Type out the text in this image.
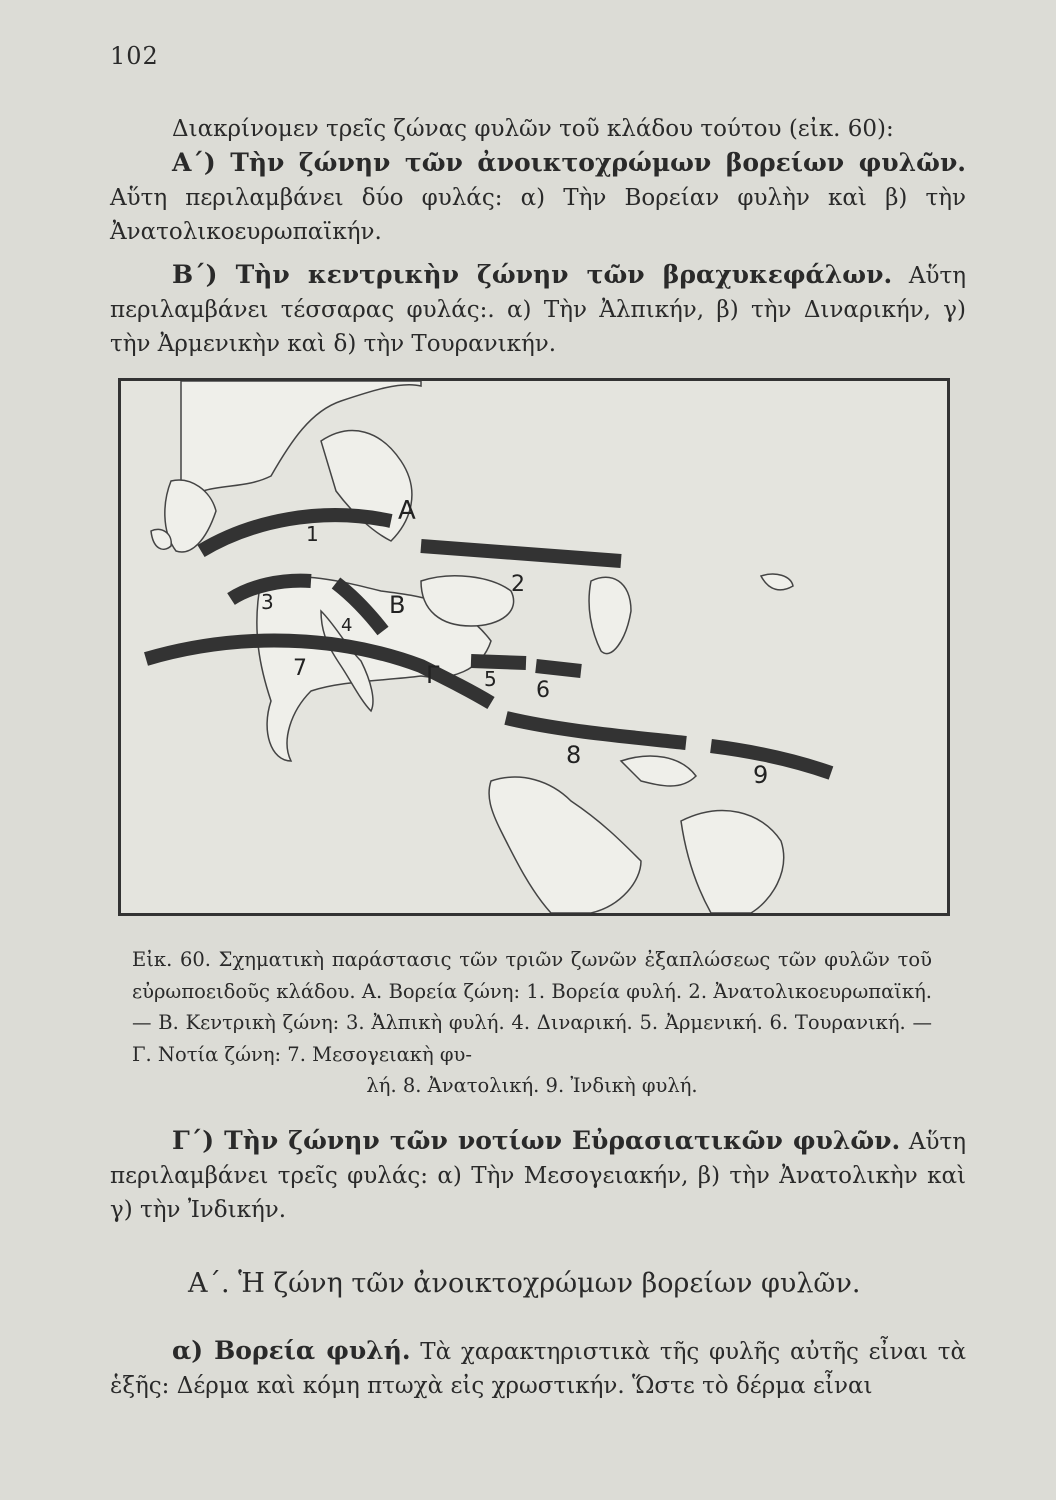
102

Διακρίνομεν τρεῖς ζώνας φυλῶν τοῦ κλάδου τούτου (εἰκ. 60):

Α΄) Τὴν ζώνην τῶν ἀνοικτοχρώμων βορείων φυλῶν. Αὕτη περιλαμβάνει δύο φυλάς: α) Τὴν Βορείαν φυλὴν καὶ β) τὴν Ἀνατολικοευρωπαϊκήν.

Β΄) Τὴν κεντρικὴν ζώνην τῶν βραχυκεφάλων. Αὕτη περιλαμβάνει τέσσαρας φυλάς:. α) Τὴν Ἀλπικήν, β) τὴν Διναρικήν, γ) τὴν Ἀρμενικὴν καὶ δ) τὴν Τουρανικήν.

Α
Β
Γ
1
2
3
4
5 6
7
8
9

Εἰκ. 60. Σχηματικὴ παράστασις τῶν τριῶν ζωνῶν ἐξαπλώσεως τῶν φυλῶν τοῦ εὐρωποειδοῦς κλάδου. Α. Βορεία ζώνη: 1. Βορεία φυλή. 2. Ἀνατολικοευρωπαϊκή. — Β. Κεντρικὴ ζώνη: 3. Ἀλπικὴ φυλή. 4. Διναρική. 5. Ἀρμενική. 6. Τουρανική. — Γ. Νοτία ζώνη: 7. Μεσογειακὴ φυ-
λή. 8. Ἀνατολική. 9. Ἰνδικὴ φυλή.

Γ΄) Τὴν ζώνην τῶν νοτίων Εὐρασιατικῶν φυλῶν. Αὕτη περιλαμβάνει τρεῖς φυλάς: α) Τὴν Μεσογειακήν, β) τὴν Ἀνατολικὴν καὶ γ) τὴν Ἰνδικήν.

Α΄. Ἡ ζώνη τῶν ἀνοικτοχρώμων βορείων φυλῶν.

α) Βορεία φυλή. Τὰ χαρακτηριστικὰ τῆς φυλῆς αὐτῆς εἶναι τὰ ἑξῆς: Δέρμα καὶ κόμη πτωχὰ εἰς χρωστικήν. Ὥστε τὸ δέρμα εἶναι
